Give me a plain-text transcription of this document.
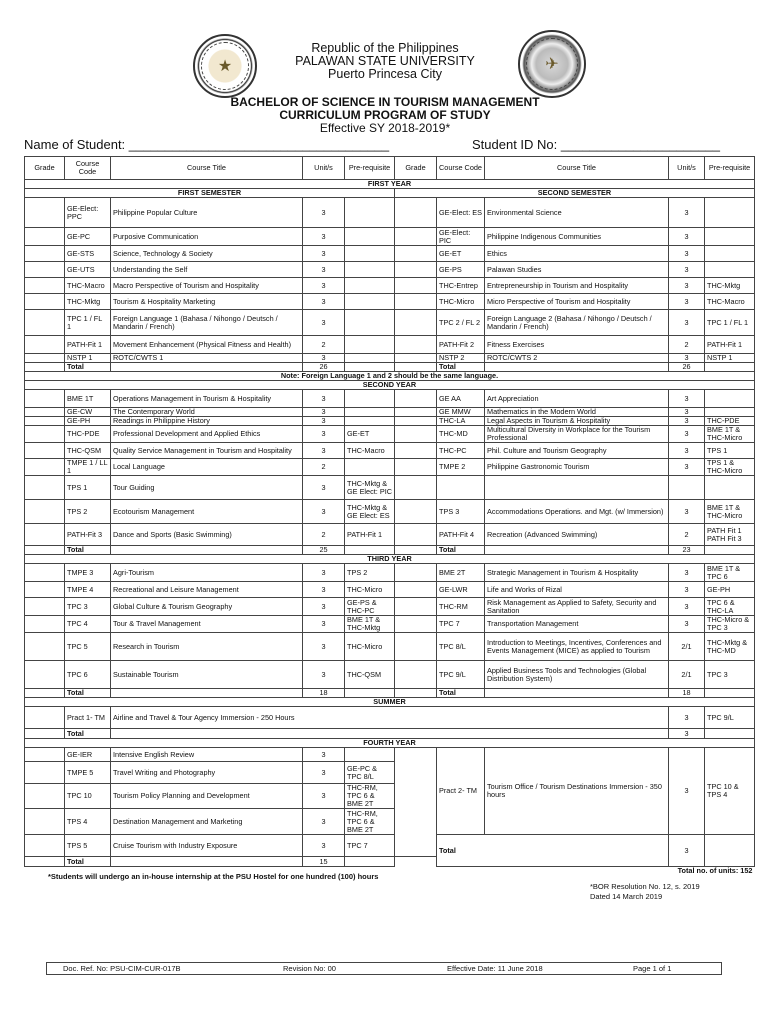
★	✈
Republic of the Philippines
PALAWAN STATE UNIVERSITY
Puerto Princesa City
BACHELOR OF SCIENCE IN TOURISM MANAGEMENT
CURRICULUM PROGRAM OF STUDY
Effective SY 2018-2019*
Name of Student: ____________________________________	Student ID No: ______________________
Grade	Course Code	Course Title	Unit/s	Pre-requisite	Grade	Course Code	Course Title	Unit/s	Pre-requisite
FIRST YEAR									
FIRST SEMESTER					SECOND SEMESTER				
	GE-Elect: PPC	Philippine Popular Culture	3			GE-Elect: ES	Environmental Science	3	
	GE-PC	Purposive Communication	3			GE-Elect: PIC	Philippine Indigenous Communities	3	
	GE-STS	Science, Technology & Society	3			GE-ET	Ethics	3	
	GE-UTS	Understanding the Self	3			GE-PS	Palawan Studies	3	
	THC-Macro	Macro Perspective of Tourism and Hospitality	3			THC-Entrep	Entrepreneurship in Tourism and Hospitality	3	THC-Mktg
	THC-Mktg	Tourism & Hospitality Marketing	3			THC-Micro	Micro Perspective of Tourism and Hospitality	3	THC-Macro
	TPC 1 / FL 1	Foreign Language 1 (Bahasa / Nihongo / Deutsch / Mandarin / French)	3			TPC 2 / FL 2	Foreign Language 2 (Bahasa / Nihongo / Deutsch / Mandarin / French)	3	TPC 1 / FL 1
	PATH-Fit 1	Movement Enhancement (Physical Fitness and Health)	2			PATH-Fit 2	Fitness Exercises	2	PATH-Fit 1
	NSTP 1	ROTC/CWTS 1	3			NSTP 2	ROTC/CWTS 2	3	NSTP 1
	Total		26			Total		26	
Note: Foreign Language 1 and 2 should be the same language.									
SECOND YEAR									
	BME 1T	Operations Management in Tourism & Hospitality	3			GE AA	Art Appreciation	3	
	GE-CW	The Contemporary World	3			GE MMW	Mathematics in the Modern World	3	
	GE-PH	Readings in Philippine History	3			THC-LA	Legal Aspects in Tourism & Hospitality	3	THC-PDE
	THC-PDE	Professional Development and Applied Ethics	3	GE-ET		THC-MD	Multicultural Diversity in Workplace for the Tourism Professional	3	BME 1T & THC-Micro
	THC-QSM	Quality Service Management in Tourism and Hospitality	3	THC-Macro		THC-PC	Phil. Culture and Tourism Geography	3	TPS 1
	TMPE 1 / LL 1	Local Language	2			TMPE 2	Philippine Gastronomic Tourism	3	TPS 1 & THC-Micro
	TPS 1	Tour Guiding	3	THC-Mktg & GE Elect: PIC					
	TPS 2	Ecotourism Management	3	THC-Mktg & GE Elect: ES		TPS 3	Accommodations Operations. and Mgt. (w/ Immersion)	3	BME 1T & THC-Micro
	PATH-Fit 3	Dance and Sports (Basic Swimming)	2	PATH-Fit 1		PATH-Fit 4	Recreation (Advanced Swimming)	2	PATH Fit 1 PATH Fit 3
	Total		25			Total		23	
THIRD YEAR									
	TMPE 3	Agri-Tourism	3	TPS 2		BME 2T	Strategic Management in Tourism & Hospitality	3	BME 1T & TPC 6
	TMPE 4	Recreational and Leisure Management	3	THC-Micro		GE-LWR	Life and Works of Rizal	3	GE-PH
	TPC 3	Global Culture & Tourism Geography	3	GE-PS & THC-PC		THC-RM	Risk Management as Applied to Safety, Security and Sanitation	3	TPC 6 & THC-LA
	TPC 4	Tour & Travel Management	3	BME 1T & THC-Mktg		TPC 7	Transportation Management	3	THC-Micro & TPC 3
	TPC 5	Research in Tourism	3	THC-Micro		TPC 8/L	Introduction to Meetings, Incentives, Conferences and Events Management (MICE) as applied to Tourism	2/1	THC-Mktg & THC-MD
	TPC 6	Sustainable Tourism	3	THC-QSM		TPC 9/L	Applied Business Tools and Technologies (Global Distribution System)	2/1	TPC 3
	Total		18			Total		18	
SUMMER									
	Pract 1- TM	Airline and Travel & Tour Agency Immersion - 250 Hours						3	TPC 9/L
	Total							3	
FOURTH YEAR									
	GE-IER	Intensive English Review	3			Pract 2- TM	Tourism Office / Tourism Destinations Immersion - 350 hours	3	TPC 10 & TPS 4
	TMPE 5	Travel Writing and Photography	3	GE-PC & TPC 8/L					
	TPC 10	Tourism Policy Planning and Development	3	THC-RM, TPC 6 & BME 2T					
	TPS 4	Destination Management and Marketing	3	THC-RM, TPC 6 & BME 2T					
	TPS 5	Cruise Tourism with Industry Exposure	3	TPC 7		Total		3	
	Total		15						
Total no. of units: 152									
*Students will undergo an in-house internship at the PSU Hostel for one hundred (100) hours
*BOR Resolution No. 12, s. 2019
Dated 14 March 2019
Doc. Ref. No: PSU-CIM-CUR-017B	Revision No: 00	Effective Date: 11 June 2018	Page 1 of 1
